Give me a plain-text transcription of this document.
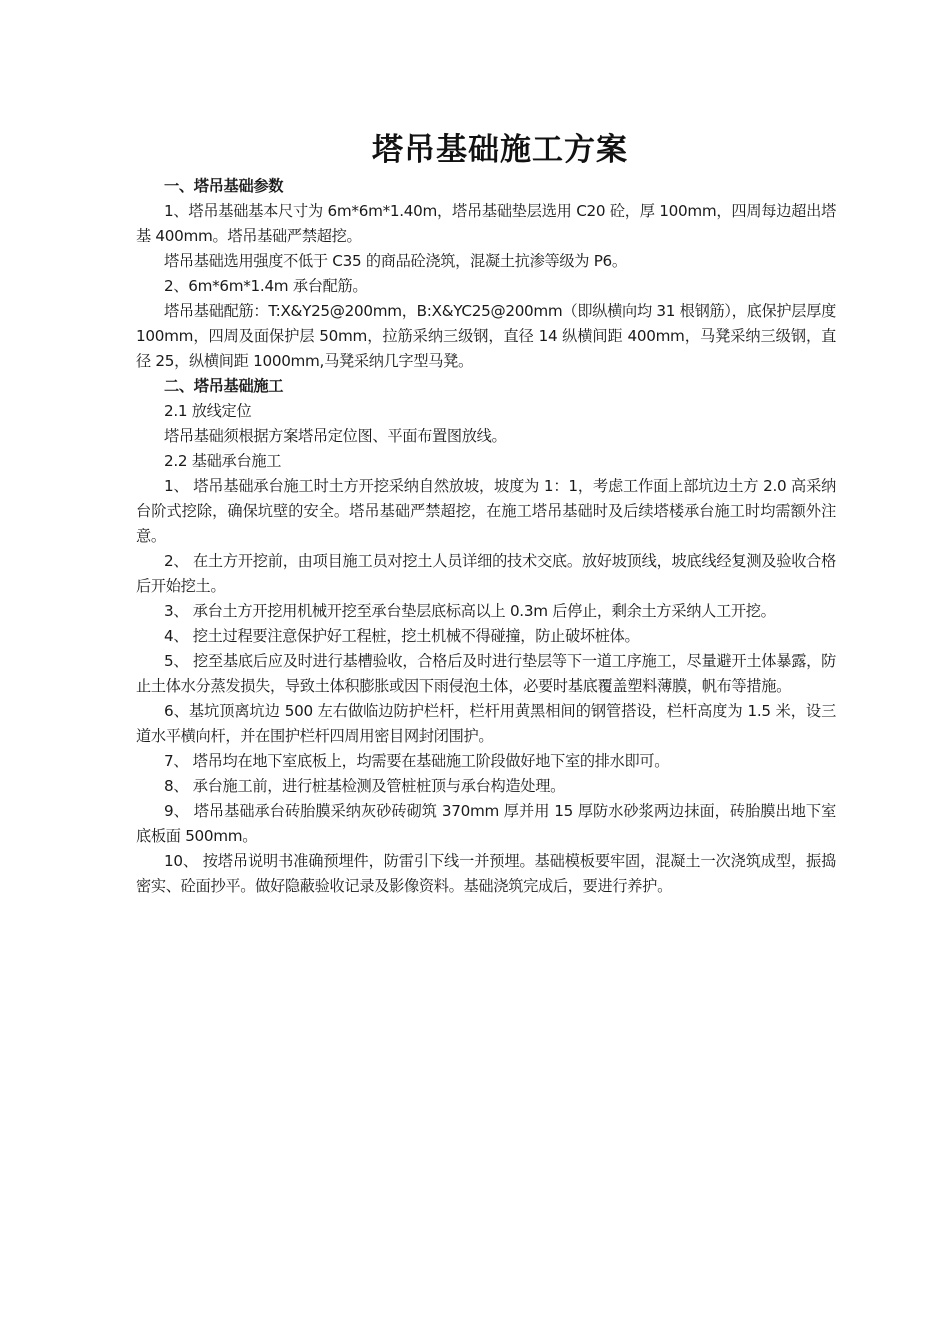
塔吊基础施工方案
一、塔吊基础参数

1、塔吊基础基本尺寸为 6m*6m*1.40m，塔吊基础垫层选用 C20 砼，厚 100mm，四周每边超出塔基 400mm。塔吊基础严禁超挖。

塔吊基础选用强度不低于 C35 的商品砼浇筑，混凝土抗渗等级为 P6。

2、6m*6m*1.4m 承台配筋。

塔吊基础配筋：T:X&Y25@200mm，B:X&YC25@200mm（即纵横向均 31 根钢筋），底保护层厚度 100mm，四周及面保护层 50mm，拉筋采纳三级钢，直径 14 纵横间距 400mm，马凳采纳三级钢，直径 25，纵横间距 1000mm,马凳采纳几字型马凳。

二、塔吊基础施工

2.1 放线定位

塔吊基础须根据方案塔吊定位图、平面布置图放线。

2.2 基础承台施工

1、 塔吊基础承台施工时土方开挖采纳自然放坡，坡度为 1：1，考虑工作面上部坑边土方 2.0 高采纳台阶式挖除，确保坑壁的安全。塔吊基础严禁超挖，在施工塔吊基础时及后续塔楼承台施工时均需额外注意。

2、 在土方开挖前，由项目施工员对挖土人员详细的技术交底。放好坡顶线，坡底线经复测及验收合格后开始挖土。

3、 承台土方开挖用机械开挖至承台垫层底标高以上 0.3m 后停止，剩余土方采纳人工开挖。

4、 挖土过程要注意保护好工程桩，挖土机械不得碰撞，防止破坏桩体。

5、 挖至基底后应及时进行基槽验收，合格后及时进行垫层等下一道工序施工，尽量避开土体暴露，防止土体水分蒸发损失，导致土体积膨胀或因下雨侵泡土体，必要时基底覆盖塑料薄膜，帆布等措施。

6、基坑顶离坑边 500 左右做临边防护栏杆，栏杆用黄黑相间的钢管搭设，栏杆高度为 1.5 米，设三道水平横向杆，并在围护栏杆四周用密目网封闭围护。

7、 塔吊均在地下室底板上，均需要在基础施工阶段做好地下室的排水即可。

8、 承台施工前，进行桩基检测及管桩桩顶与承台构造处理。

9、 塔吊基础承台砖胎膜采纳灰砂砖砌筑 370mm 厚并用 15 厚防水砂浆两边抹面，砖胎膜出地下室底板面 500mm。

10、 按塔吊说明书准确预埋件，防雷引下线一并预埋。基础模板要牢固，混凝土一次浇筑成型，振捣密实、砼面抄平。做好隐蔽验收记录及影像资料。基础浇筑完成后，要进行养护。
